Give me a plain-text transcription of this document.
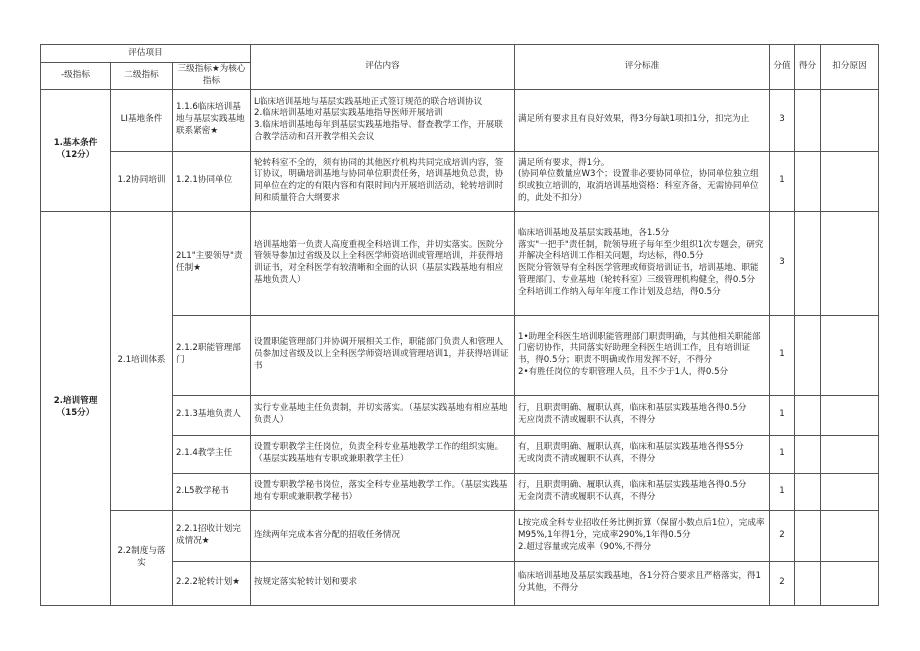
评估项目			评估内容	评分标准	分值	得分	扣分原因
-级指标	二级指标	三级指标★为核心指标					
1.基本条件（12分）	LI基地条件	1.1.6临床培训基地与基层实践基地联系紧密★	L临床培训基地与基层实践基地正式签订规范的联合培训协议
2.临床培训基地对基层实践基地指导医师开展培训
3.临床培训基地每年到基层实践基地指导、督查教学工作，开展联合教学活动和召开教学相关会议	满足所有要求且有良好效果，得3分每缺1项扣1分，扣完为止	3		
	1.2协同培训	1.2.1协同单位	轮转科室不全的，须有协同的其他医疗机构共同完成培训内容，签订协议，明确培训基地与协同单位职责任务，培训基地负总责，协同单位在约定的有限内容和有限时间内开展培训活动，轮转培训时间和质量符合大纲要求	满足所有要求，得1分。
(协同单位数量应W3个；设置非必要协同单位，协同单位独立组织或独立培训的，取消培训基地资格：科室齐备，无需协同单位的，此处不扣分）	1		
2.培训管理（15分）	2.1培训体系	2L1"主要领导"责任制★	培训基地第一负责人高度重视全科培训工作，并切实落实。医院分管领导参加过省级及以上全科医学师资培训或管理培训，并获得培训证书，对全科医学有较清晰和全面的认识（基层实践基地有相应基地负责人）	临床培训基地及基层实践基地，各1.5分
落实"一把手"责任制，院领导班子每年至少组织1次专题会，研究并解决全科培训工作相关问题，均达标，得0.5分
医院分管领导有全科医学管理或师资培训证书，培训基地、职能管理部门、专业基地（轮转科室）三级管理机构健全，得0.5分
全科培训工作纳入每年年度工作计划及总结，得0.5分	3		
		2.1.2职能管理部门	设置职能管理部门并协调开展相关工作，职能部门负责人和管理人员参加过省级及以上全科医学师资培训或管理培训1，并获得培训证书	1•助理全科医生培训职能管理部门职责明确，与其他相关职能部门密切协作，共同落实好助理全科医生培训工作，且有培训证书，得0.5分；职责不明确或作用发挥不好，不得分
2•有胜任岗位的专职管理人员，且不少于1人，得0.5分	1		
		2.1.3基地负责人	实行专业基地主任负责制，并切实落实。（基层实践基地有相应基地负责人）	行，且职责明确、履职认真，临床和基层实践基地各得0.5分
无应岗责不清或履职不认真，不得分	1		
		2.1.4教学主任	设置专职教学主任岗位，负责全科专业基地教学工作的组织实施。（基层实践基地有专职或兼职教学主任）	有，且职责明确、履职认真，临床和基层实践基地各得S5分
无或岗责不清或履职不认真，不得分	1		
		2.L5教学秘书	设置专职教学秘书岗位，落实全科专业基地教学工作。（基层实践基地有专职或兼职教学秘书）	行，且职责明确、履职认真，临床和基层实践基地各得0.5分
无金岗责不清或履职不认真，不得分	1		
	2.2制度与落实	2.2.1招收计划完成情况★	连续两年完成本省分配的招收任务情况	L按完成全科专业招收任务比例折算（保留小数点后1位），完成率M95%,1年得1分，完成率290%,1年得0.5分
2.超过容量或完成率（90%,不得分	2		
		2.2.2轮转计划★	按规定落实轮转计划和要求	临床培训基地及基层实践基地，各1分符合要求且严格落实，得1分其他，不得分	2		
